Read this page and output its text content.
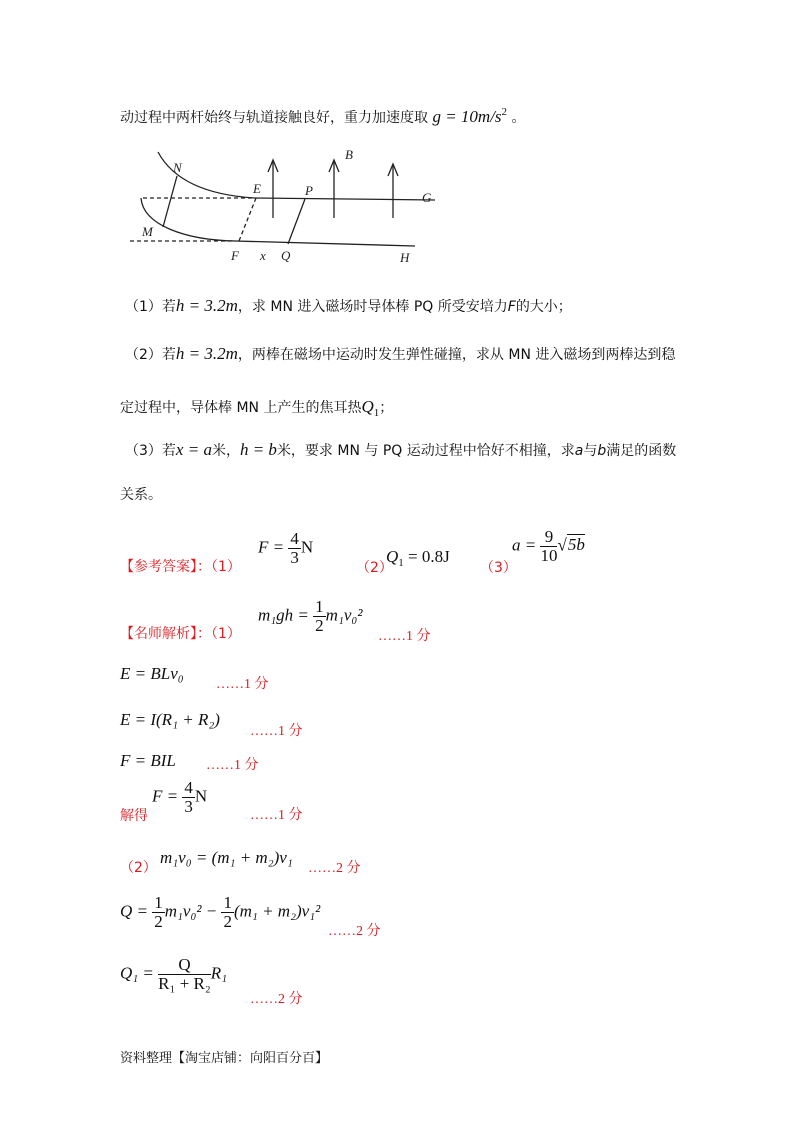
动过程中两杆始终与轨道接触良好，重力加速度取 $g = 10m/s^2$ 。
N
M
E	P
B
G
F x Q	H
（1）若h = 3.2m，求 MN 进入磁场时导体棒 PQ 所受安培力F的大小；
（2）若h = 3.2m，两棒在磁场中运动时发生弹性碰撞，求从 MN 进入磁场到两棒达到稳
定过程中，导体棒 MN 上产生的焦耳热$Q_1$；
（3）若x = a米，h = b米，要求 MN 与 PQ 运动过程中恰好不相撞，求a与b满足的函数
关系。
【参考答案】：（1）
$F = \frac{4}{3}$ N
（2）
$Q_1 = 0.8J$
（3）
$a = \frac{9}{10} √5b$
【名师解析】：（1）
$m_1gh = \frac{1}{2} m_1v_0^2$
……1 分
E = BLv₀
……1 分
E = I(R₁ + R₂)
……1 分
F = BIL ……1 分
解得
$F = \frac{4}{3}$ N
……1 分
（2）
m₁v₀ = (m₁ + m₂)v₁
……2 分
$Q = \frac{1}{2} m_1v_0^2 - \frac{1}{2} (m_1 + m_2)v_1^2$
……2 分
$Q_1 = \frac{Q}{\text{R₁ + R₂}} R_1$
……2 分
资料整理【淘宝店铺：向阳百分百】
